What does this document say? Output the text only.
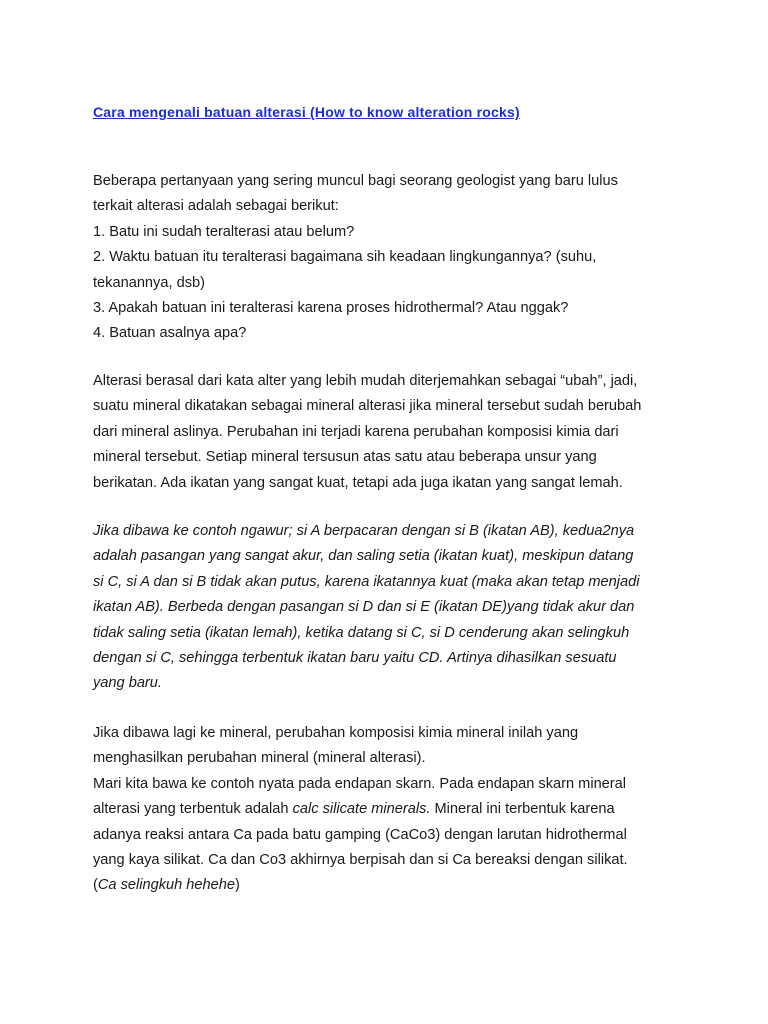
Cara mengenali batuan alterasi (How to know alteration rocks)

Beberapa pertanyaan yang sering muncul bagi seorang geologist yang baru lulus
terkait alterasi adalah sebagai berikut:
1. Batu ini sudah teralterasi atau belum?
2. Waktu batuan itu teralterasi bagaimana sih keadaan lingkungannya? (suhu,
tekanannya, dsb)
3. Apakah batuan ini teralterasi karena proses hidrothermal? Atau nggak?
4. Batuan asalnya apa?

Alterasi berasal dari kata alter yang lebih mudah diterjemahkan sebagai “ubah”, jadi,
suatu mineral dikatakan sebagai mineral alterasi jika mineral tersebut sudah berubah
dari mineral aslinya. Perubahan ini terjadi karena perubahan komposisi kimia dari
mineral tersebut. Setiap mineral tersusun atas satu atau beberapa unsur yang
berikatan. Ada ikatan yang sangat kuat, tetapi ada juga ikatan yang sangat lemah.

Jika dibawa ke contoh ngawur; si A berpacaran dengan si B (ikatan AB), kedua2nya
adalah pasangan yang sangat akur, dan saling setia (ikatan kuat), meskipun datang
si C, si A dan si B tidak akan putus, karena ikatannya kuat (maka akan tetap menjadi
ikatan AB). Berbeda dengan pasangan si D dan si E (ikatan DE)yang tidak akur dan
tidak saling setia (ikatan lemah), ketika datang si C, si D cenderung akan selingkuh
dengan si C, sehingga terbentuk ikatan baru yaitu CD. Artinya dihasilkan sesuatu
yang baru.

Jika dibawa lagi ke mineral, perubahan komposisi kimia mineral inilah yang
menghasilkan perubahan mineral (mineral alterasi).
Mari kita bawa ke contoh nyata pada endapan skarn. Pada endapan skarn mineral
alterasi yang terbentuk adalah calc silicate minerals. Mineral ini terbentuk karena
adanya reaksi antara Ca pada batu gamping (CaCo3) dengan larutan hidrothermal
yang kaya silikat. Ca dan Co3 akhirnya berpisah dan si Ca bereaksi dengan silikat.
(Ca selingkuh hehehe)
